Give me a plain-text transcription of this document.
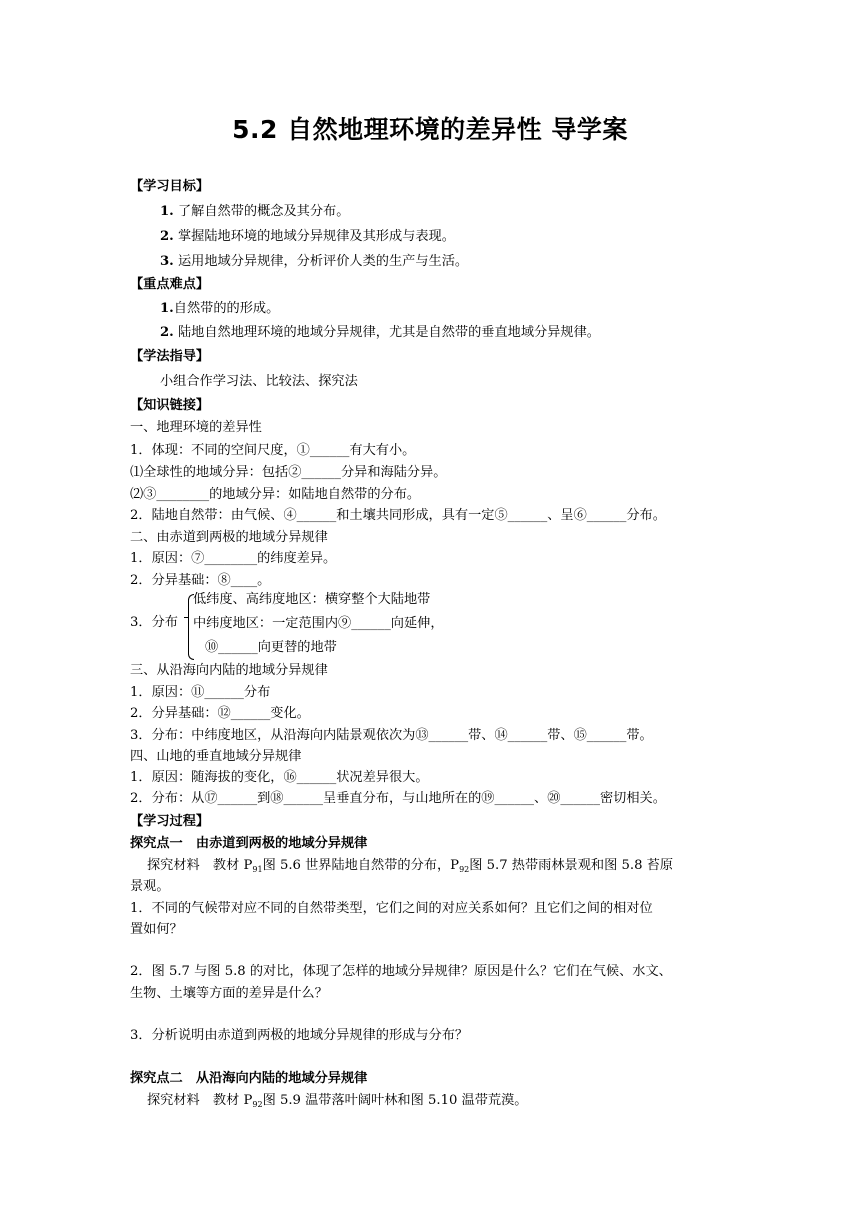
5.2 自然地理环境的差异性 导学案
【学习目标】
1. 了解自然带的概念及其分布。
2. 掌握陆地环境的地域分异规律及其形成与表现。
3. 运用地域分异规律，分析评价人类的生产与生活。
【重点难点】
1.自然带的的形成。
2. 陆地自然地理环境的地域分异规律，尤其是自然带的垂直地域分异规律。
【学法指导】
小组合作学习法、比较法、探究法
【知识链接】
一、地理环境的差异性
1．体现：不同的空间尺度，①______有大有小。
⑴全球性的地域分异：包括②______分异和海陆分异。
⑵③________的地域分异：如陆地自然带的分布。
2．陆地自然带：由气候、④______和土壤共同形成，具有一定⑤______、呈⑥______分布。
二、由赤道到两极的地域分异规律
1．原因：⑦________的纬度差异。
2．分异基础：⑧____。
3．分布
低纬度、高纬度地区：横穿整个大陆地带
中纬度地区：一定范围内⑨______向延伸，
⑩______向更替的地带
三、从沿海向内陆的地域分异规律
1．原因：⑪______分布
2．分异基础：⑫______变化。
3．分布：中纬度地区，从沿海向内陆景观依次为⑬______带、⑭______带、⑮______带。
四、山地的垂直地域分异规律
1．原因：随海拔的变化，⑯______状况差异很大。
2．分布：从⑰______到⑱______呈垂直分布，与山地所在的⑲______、⑳______密切相关。
【学习过程】
探究点一　由赤道到两极的地域分异规律
探究材料　教材 $P_{91}$图 5.6 世界陆地自然带的分布，$P_{92}$图 5.7 热带雨林景观和图 5.8 苔原
景观。
1．不同的气候带对应不同的自然带类型，它们之间的对应关系如何？且它们之间的相对位
置如何？
2．图 5.7 与图 5.8 的对比，体现了怎样的地域分异规律？原因是什么？它们在气候、水文、
生物、土壤等方面的差异是什么？
3．分析说明由赤道到两极的地域分异规律的形成与分布？
探究点二　从沿海向内陆的地域分异规律
探究材料　教材 $P_{92}$图 5.9 温带落叶阔叶林和图 5.10 温带荒漠。
